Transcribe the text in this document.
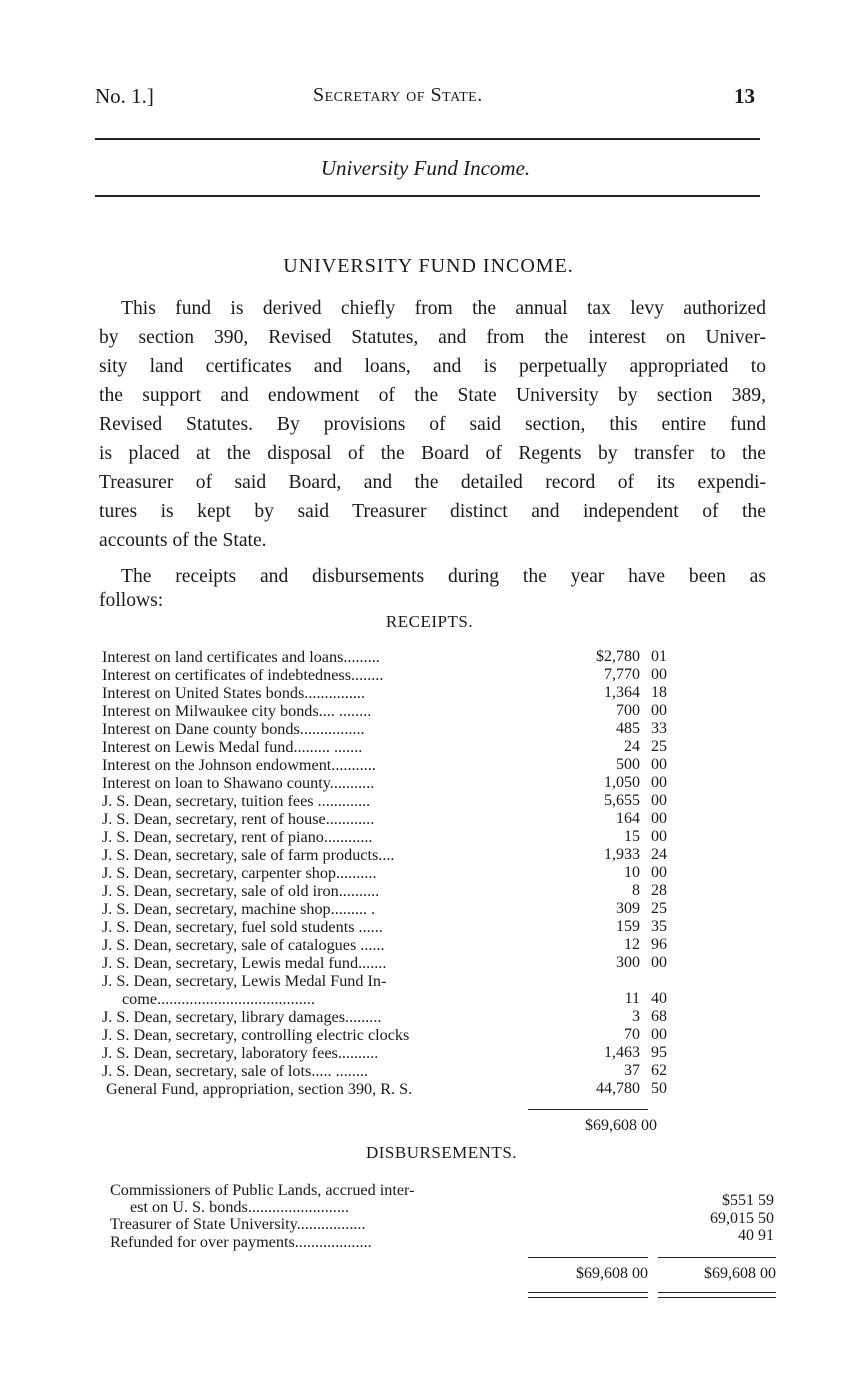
No. 1.]	Secretary of State.	13
University Fund Income.
UNIVERSITY FUND INCOME.
This fund is derived chiefly from the annual tax levy authorized
by section 390, Revised Statutes, and from the interest on Univer-
sity land certificates and loans, and is perpetually appropriated to
the support and endowment of the State University by section 389,
Revised Statutes. By provisions of said section, this entire fund
is placed at the disposal of the Board of Regents by transfer to the
Treasurer of said Board, and the detailed record of its expendi-
tures is kept by said Treasurer distinct and independent of the
accounts of the State.
The receipts and disbursements during the year have been as
follows:
RECEIPTS.
Interest on land certificates and loans.........	$2,780 01
Interest on certificates of indebtedness........	7,770 00
Interest on United States bonds...............	1,364 18
Interest on Milwaukee city bonds.... ........	700 00
Interest on Dane county bonds................	485 33
Interest on Lewis Medal fund......... .......	24 25
Interest on the Johnson endowment...........	500 00
Interest on loan to Shawano county...........	1,050 00
J. S. Dean, secretary, tuition fees .............	5,655 00
J. S. Dean, secretary, rent of house............	164 00
J. S. Dean, secretary, rent of piano............	15 00
J. S. Dean, secretary, sale of farm products....	1,933 24
J. S. Dean, secretary, carpenter shop..........	10 00
J. S. Dean, secretary, sale of old iron..........	8 28
J. S. Dean, secretary, machine shop......... .	309 25
J. S. Dean, secretary, fuel sold students ......	159 35
J. S. Dean, secretary, sale of catalogues ......	12 96
J. S. Dean, secretary, Lewis medal fund.......	300 00
J. S. Dean, secretary, Lewis Medal Fund In-
come.......................................	11 40
J. S. Dean, secretary, library damages.........	3 68
J. S. Dean, secretary, controlling electric clocks	70 00
J. S. Dean, secretary, laboratory fees..........	1,463 95
J. S. Dean, secretary, sale of lots..... ........	37 62
General Fund, appropriation, section 390, R. S.	44,780 50
$69,608 00
DISBURSEMENTS.
Commissioners of Public Lands, accrued inter-
est on U. S. bonds.........................	$551 59
Treasurer of State University.................	69,015 50
Refunded for over payments...................	40 91
$69,608 00	$69,608 00
